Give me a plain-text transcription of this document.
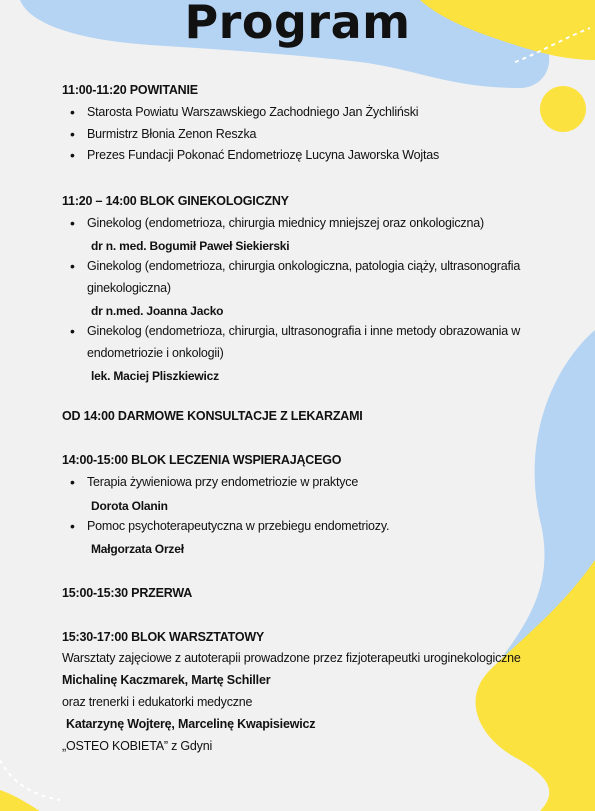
Program

11:00-11:20 POWITANIE

• Starosta Powiatu Warszawskiego Zachodniego Jan Żychliński
• Burmistrz Błonia Zenon Reszka
• Prezes Fundacji Pokonać Endometriozę Lucyna Jaworska Wojtas

11:20 – 14:00 BLOK GINEKOLOGICZNY

• Ginekolog (endometrioza, chirurgia miednicy mniejszej oraz onkologiczna)
dr n. med. Bogumił Paweł Siekierski
• Ginekolog (endometrioza, chirurgia onkologiczna, patologia ciąży, ultrasonografia ginekologiczna)
dr n.med. Joanna Jacko
• Ginekolog (endometrioza, chirurgia, ultrasonografia i inne metody obrazowania w endometriozie i onkologii)
lek. Maciej Pliszkiewicz

OD 14:00 DARMOWE KONSULTACJE Z LEKARZAMI

14:00-15:00 BLOK LECZENIA WSPIERAJĄCEGO

• Terapia żywieniowa przy endometriozie w praktyce
Dorota Olanin
• Pomoc psychoterapeutyczna w przebiegu endometriozy.
Małgorzata Orzeł

15:00-15:30 PRZERWA

15:30-17:00 BLOK WARSZTATOWY

Warsztaty zajęciowe z autoterapii prowadzone przez fizjoterapeutki uroginekologiczne

Michalinę Kaczmarek, Martę Schiller

oraz trenerki i edukatorki medyczne

Katarzynę Wojterę, Marcelinę Kwapisiewicz

„OSTEO KOBIETA” z Gdyni
